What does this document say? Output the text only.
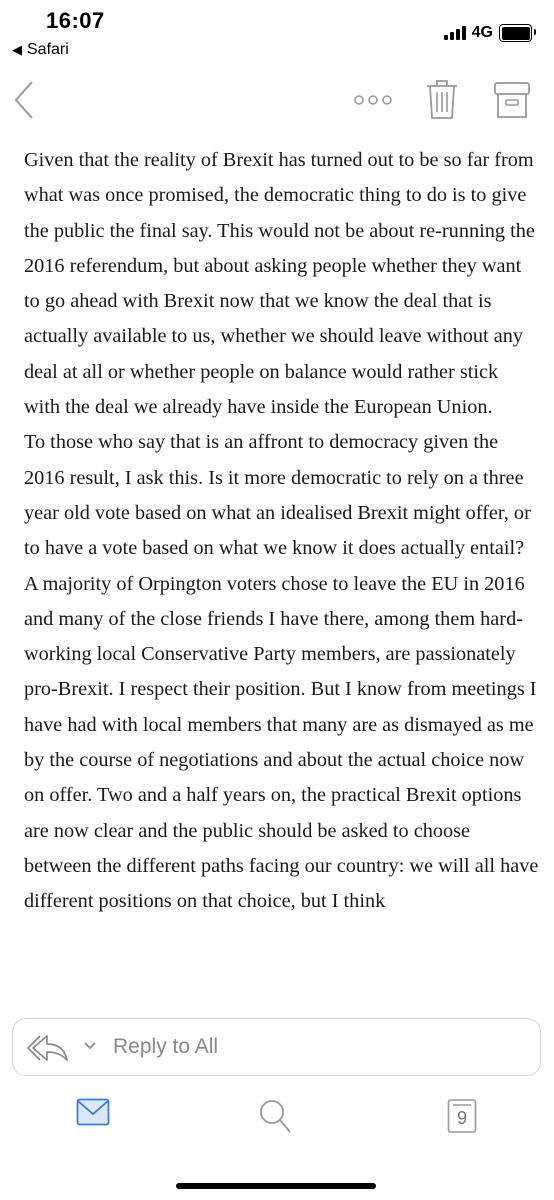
16:07
◀ Safari
4G

Given that the reality of Brexit has turned out to be so far from what was once promised, the democratic thing to do is to give the public the final say. This would not be about re-running the 2016 referendum, but about asking people whether they want to go ahead with Brexit now that we know the deal that is actually available to us, whether we should leave without any deal at all or whether people on balance would rather stick with the deal we already have inside the European Union.

To those who say that is an affront to democracy given the 2016 result, I ask this. Is it more democratic to rely on a three year old vote based on what an idealised Brexit might offer, or to have a vote based on what we know it does actually entail?

A majority of Orpington voters chose to leave the EU in 2016 and many of the close friends I have there, among them hard-working local Conservative Party members, are passionately pro-Brexit. I respect their position. But I know from meetings I have had with local members that many are as dismayed as me by the course of negotiations and about the actual choice now on offer. Two and a half years on, the practical Brexit options are now clear and the public should be asked to choose between the different paths facing our country: we will all have different positions on that choice, but I think

Reply to All
9
